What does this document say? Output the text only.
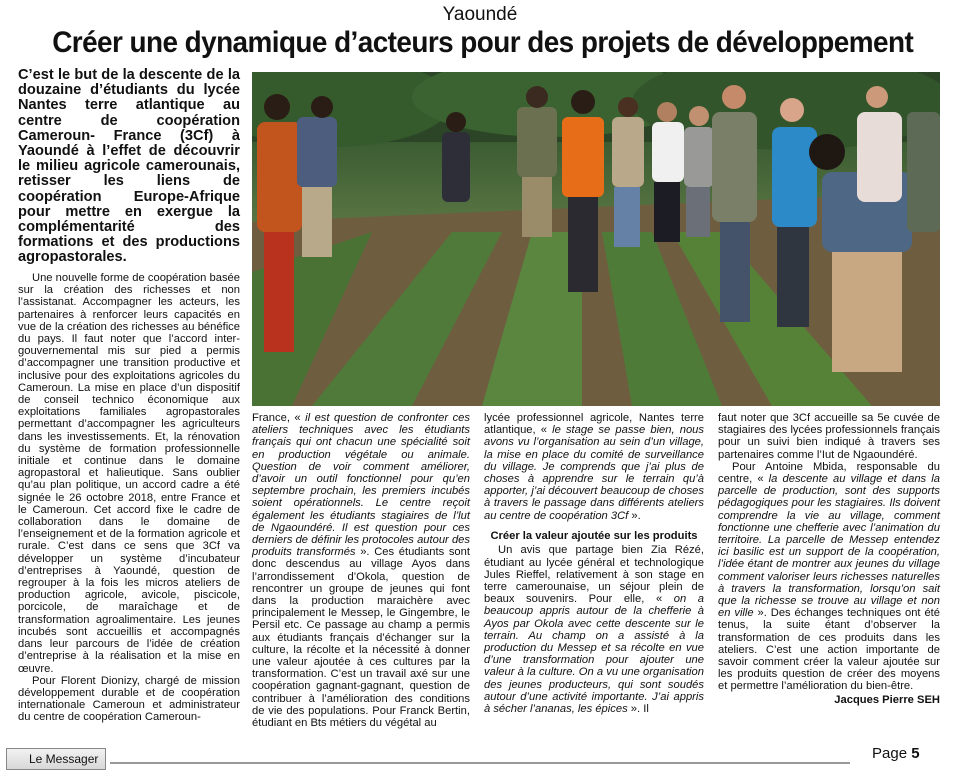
Yaoundé
Créer une dynamique d’acteurs pour des projets de développement
C’est le but de la descente de la douzaine d’étudiants du lycée Nantes terre atlantique au centre de coopération Cameroun- France (3Cf) à Yaoundé à l’effet de découvrir le milieu agricole camerounais, retisser les liens de coopération Europe-Afrique pour mettre en exergue la complémentarité des formations et des productions agropastorales.

Une nouvelle forme de coopération basée sur la création des richesses et non l’assistanat. Accompagner les acteurs, les partenaires à renforcer leurs capacités en vue de la création des richesses au bénéfice du pays. Il faut noter que l’accord inter-gouvernemental mis sur pied a permis d’accompagner une transition productive et inclusive pour des exploitations agricoles du Cameroun. La mise en place d’un dispositif de conseil technico économique aux exploitations familiales agropastorales permettant d’accompagner les agriculteurs dans les investissements. Et, la rénovation du système de formation professionnelle initiale et continue dans le domaine agropastoral et halieutique. Sans oublier qu’au plan politique, un accord cadre a été signée le 26 octobre 2018, entre France et le Cameroun. Cet accord fixe le cadre de collaboration dans le domaine de l’enseignement et de la formation agricole et rurale. C’est dans ce sens que 3Cf va développer un système d’incubateur d’entreprises à Yaoundé, question de regrouper à la fois les micros ateliers de production agricole, avicole, piscicole, porcicole, de maraîchage et de transformation agroalimentaire. Les jeunes incubés sont accueillis et accompagnés dans leur parcours de l’idée de création d’entreprise à la réalisation et la mise en œuvre.

Pour Florent Dionizy, chargé de mission développement durable et de coopération internationale Cameroun et administrateur du centre de coopération Cameroun-

France, « il est question de confronter ces ateliers techniques avec les étudiants français qui ont chacun une spécialité soit en production végétale ou animale. Question de voir comment améliorer, d’avoir un outil fonctionnel pour qu’en septembre prochain, les premiers incubés soient opérationnels. Le centre reçoit également les étudiants stagiaires de l’lut de Ngaoundéré. Il est question pour ces derniers de définir les protocoles autour des produits transformés ». Ces étudiants sont donc descendus au village Ayos dans l’arrondissement d’Okola, question de rencontrer un groupe de jeunes qui font dans la production maraichère avec principalement le Messep, le Gingembre, le Persil etc. Ce passage au champ a permis aux étudiants français d’échanger sur la culture, la récolte et la nécessité à donner une valeur ajoutée à ces cultures par la transformation. C’est un travail axé sur une coopération gagnant-gagnant, question de contribuer à l’amélioration des conditions de vie des populations. Pour Franck Bertin, étudiant en Bts métiers du végétal au

lycée professionnel agricole, Nantes terre atlantique, « le stage se passe bien, nous avons vu l’organisation au sein d’un village, la mise en place du comité de surveillance du village. Je comprends que j’ai plus de choses à apprendre sur le terrain qu’à apporter, j’ai découvert beaucoup de choses à travers le passage dans différents ateliers au centre de coopération 3Cf ».

Créer la valeur ajoutée sur les produits

Un avis que partage bien Zia Rézé, étudiant au lycée général et technologique Jules Rieffel, relativement à son stage en terre camerounaise, un séjour plein de beaux souvenirs. Pour elle, « on a beaucoup appris autour de la chefferie à Ayos par Okola avec cette descente sur le terrain. Au champ on a assisté à la production du Messep et sa récolte en vue d’une transformation pour ajouter une valeur à la culture. On a vu une organisation des jeunes producteurs, qui sont soudés autour d’une activité importante. J’ai appris à sécher l’ananas, les épices ». Il

faut noter que 3Cf accueille sa 5e cuvée de stagiaires des lycées professionnels français pour un suivi bien indiqué à travers ses partenaires comme l’Iut de Ngaoundéré.

Pour Antoine Mbida, responsable du centre, « la descente au village et dans la parcelle de production, sont des supports pédagogiques pour les stagiaires. Ils doivent comprendre la vie au village, comment fonctionne une chefferie avec l’animation du territoire. La parcelle de Messep entendez ici basilic est un support de la coopération, l’idée étant de montrer aux jeunes du village comment valoriser leurs richesses naturelles à travers la transformation, lorsqu’on sait que la richesse se trouve au village et non en ville ». Des échanges techniques ont été tenus, la suite étant d’observer la transformation de ces produits dans les ateliers. C’est une action importante de savoir comment créer la valeur ajoutée sur les produits question de créer des moyens et permettre l’amélioration du bien-être.

Jacques Pierre SEH

Le Messager	Page 5
